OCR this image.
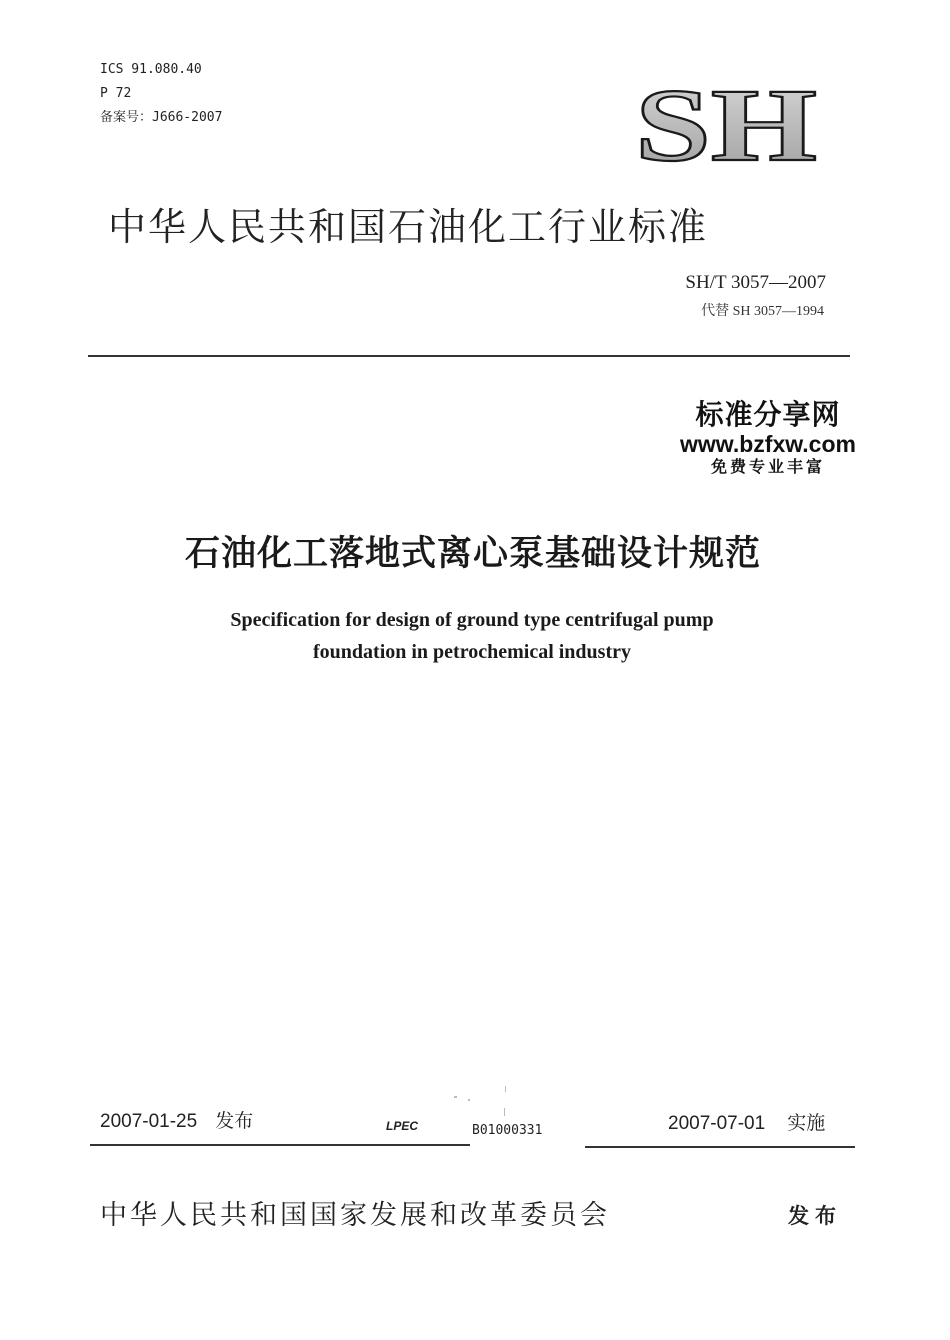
ICS 91.080.40
P 72
备案号：J666-2007	SH
中华人民共和国石油化工行业标准
SH/T 3057—2007
代替 SH 3057—1994
标准分享网
www.bzfxw.com
免费专业丰富
石油化工落地式离心泵基础设计规范
Specification for design of ground type centrifugal pump
foundation in petrochemical industry
2007-01-25 发布	LPEC	B01000331	2007-07-01 实施
中华人民共和国国家发展和改革委员会	发布
